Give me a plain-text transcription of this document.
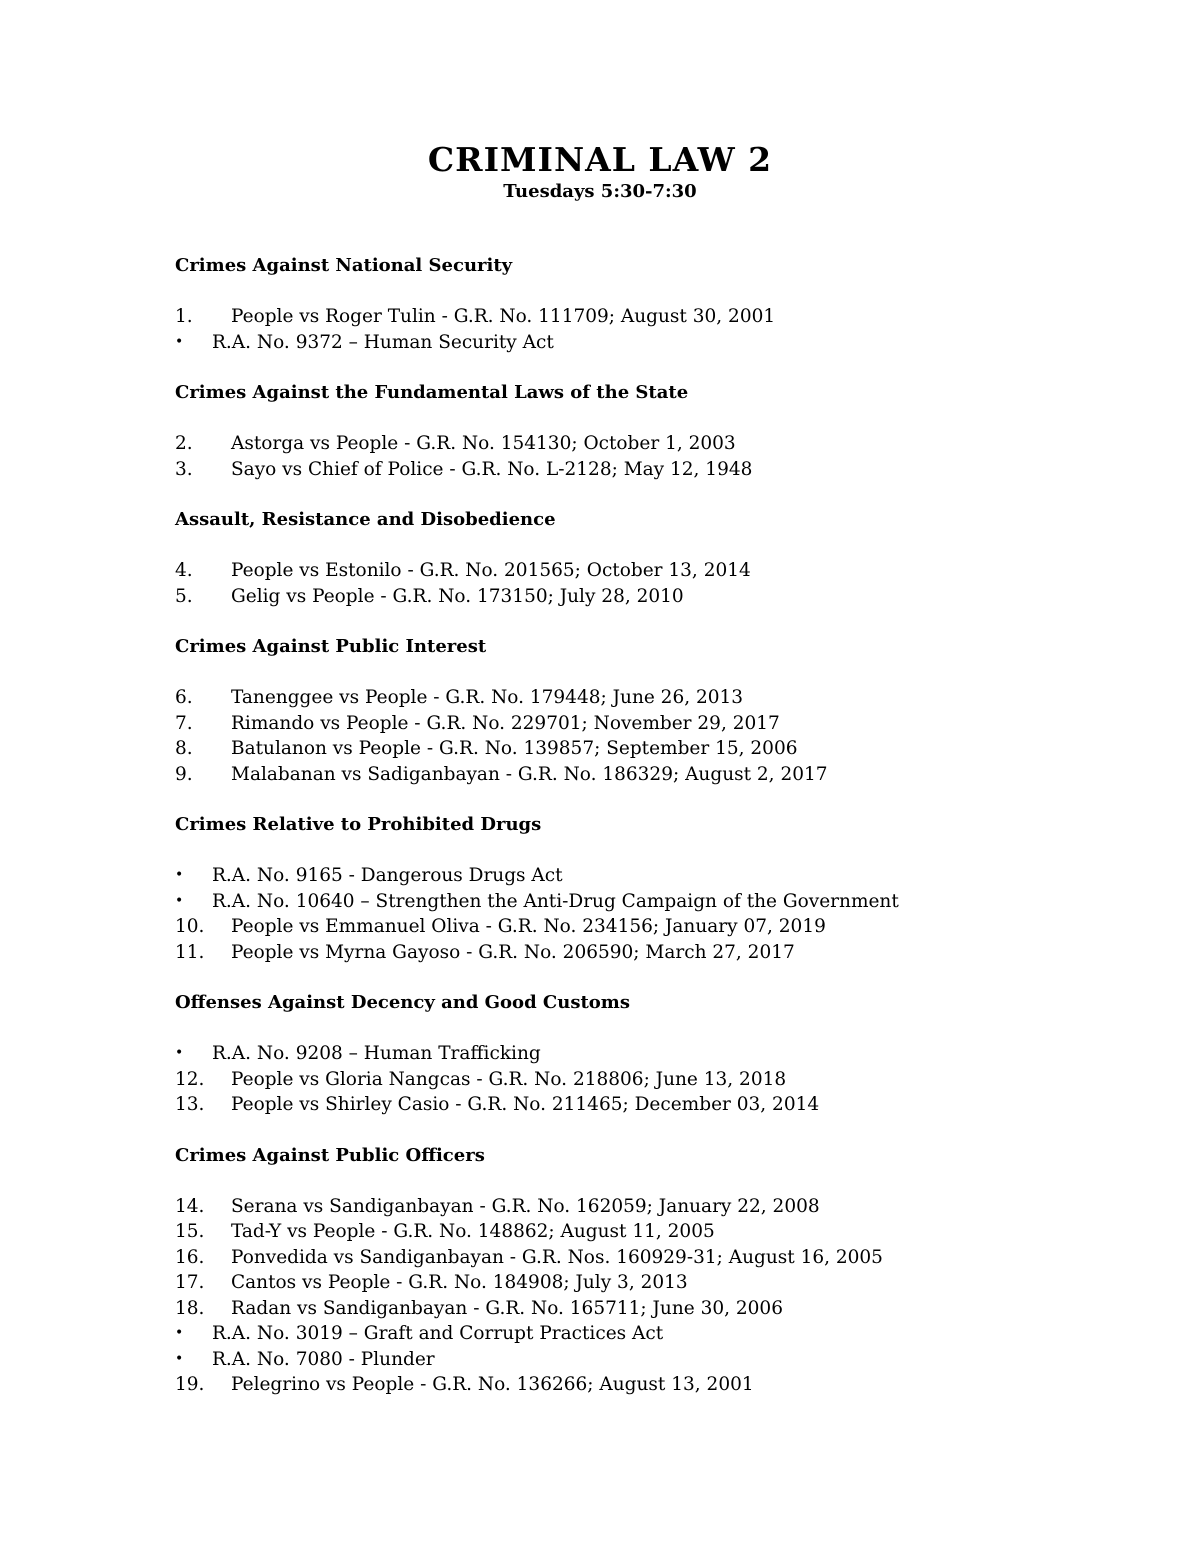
CRIMINAL LAW 2
Tuesdays 5:30-7:30
Crimes Against National Security
1. People vs Roger Tulin - G.R. No. 111709; August 30, 2001
• R.A. No. 9372 – Human Security Act
Crimes Against the Fundamental Laws of the State
2. Astorga vs People - G.R. No. 154130; October 1, 2003
3. Sayo vs Chief of Police - G.R. No. L-2128; May 12, 1948
Assault, Resistance and Disobedience
4. People vs Estonilo - G.R. No. 201565; October 13, 2014
5. Gelig vs People - G.R. No. 173150; July 28, 2010
Crimes Against Public Interest
6. Tanenggee vs People - G.R. No. 179448; June 26, 2013
7. Rimando vs People - G.R. No. 229701; November 29, 2017
8. Batulanon vs People - G.R. No. 139857; September 15, 2006
9. Malabanan vs Sadiganbayan - G.R. No. 186329; August 2, 2017
Crimes Relative to Prohibited Drugs
• R.A. No. 9165 - Dangerous Drugs Act
• R.A. No. 10640 – Strengthen the Anti-Drug Campaign of the Government
10. People vs Emmanuel Oliva - G.R. No. 234156; January 07, 2019
11. People vs Myrna Gayoso - G.R. No. 206590; March 27, 2017
Offenses Against Decency and Good Customs
• R.A. No. 9208 – Human Trafficking
12. People vs Gloria Nangcas - G.R. No. 218806; June 13, 2018
13. People vs Shirley Casio - G.R. No. 211465; December 03, 2014
Crimes Against Public Officers
14. Serana vs Sandiganbayan - G.R. No. 162059; January 22, 2008
15. Tad-Y vs People - G.R. No. 148862; August 11, 2005
16. Ponvedida vs Sandiganbayan - G.R. Nos. 160929-31; August 16, 2005
17. Cantos vs People - G.R. No. 184908; July 3, 2013
18. Radan vs Sandiganbayan - G.R. No. 165711; June 30, 2006
• R.A. No. 3019 – Graft and Corrupt Practices Act
• R.A. No. 7080 - Plunder
19. Pelegrino vs People - G.R. No. 136266; August 13, 2001
